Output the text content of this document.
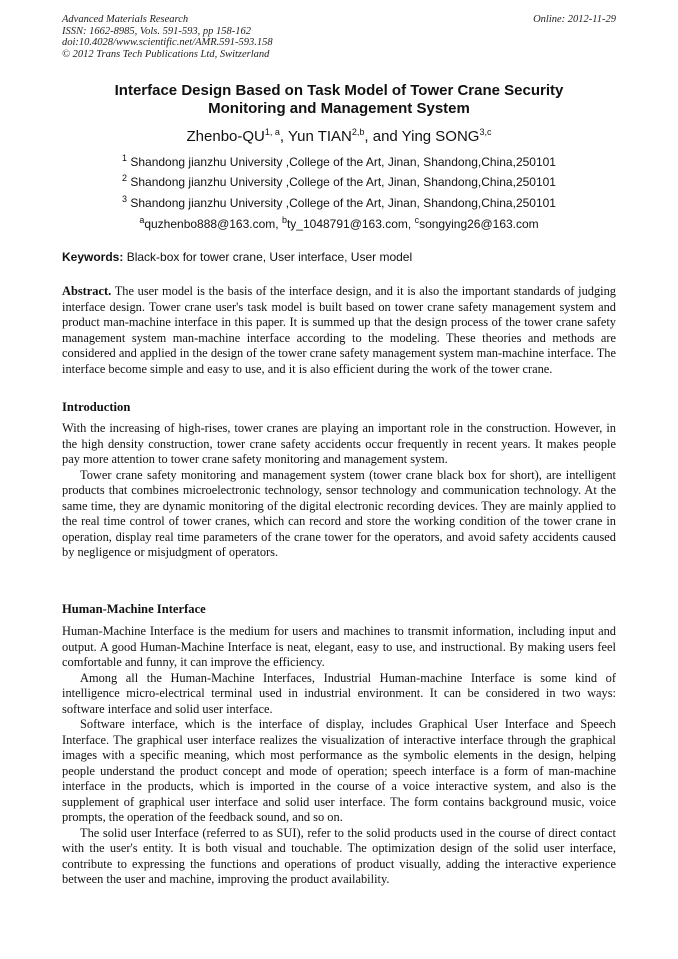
Advanced Materials Research
ISSN: 1662-8985, Vols. 591-593, pp 158-162
doi:10.4028/www.scientific.net/AMR.591-593.158
© 2012 Trans Tech Publications Ltd, Switzerland
Online: 2012-11-29
Interface Design Based on Task Model of Tower Crane Security
Monitoring and Management System
Zhenbo-QU$^{1, a}$, Yun TIAN$^{2,b}$, and Ying SONG$^{3,c}$
$^1$ Shandong jianzhu University ,College of the Art, Jinan, Shandong,China,250101
$^2$ Shandong jianzhu University ,College of the Art, Jinan, Shandong,China,250101
$^3$ Shandong jianzhu University ,College of the Art, Jinan, Shandong,China,250101
$^a$quzhenbo888@163.com, $^b$ty_1048791@163.com, $^c$songying26@163.com
Keywords: Black-box for tower crane, User interface, User model

Abstract. The user model is the basis of the interface design, and it is also the important standards of judging interface design. Tower crane user's task model is built based on tower crane safety management system and product man-machine interface in this paper. It is summed up that the design process of the tower crane safety management system man-machine interface according to the modeling. These theories and methods are considered and applied in the design of the tower crane safety management system man-machine interface. The interface become simple and easy to use, and it is also efficient during the work of the tower crane.

Introduction

With the increasing of high-rises, tower cranes are playing an important role in the construction. However, in the high density construction, tower crane safety accidents occur frequently in recent years. It makes people pay more attention to tower crane safety monitoring and management system.

Tower crane safety monitoring and management system (tower crane black box for short), are intelligent products that combines microelectronic technology, sensor technology and communication technology. At the same time, they are dynamic monitoring of the digital electronic recording devices. They are mainly applied to the real time control of tower cranes, which can record and store the working condition of the tower crane in operation, display real time parameters of the crane tower for the operators, and avoid safety accidents caused by negligence or misjudgment of operators.

Human-Machine Interface

Human-Machine Interface is the medium for users and machines to transmit information, including input and output. A good Human-Machine Interface is neat, elegant, easy to use, and instructional. By making users feel comfortable and funny, it can improve the efficiency.

Among all the Human-Machine Interfaces, Industrial Human-machine Interface is some kind of intelligence micro-electrical terminal used in industrial environment. It can be considered in two ways: software interface and solid user interface.

Software interface, which is the interface of display, includes Graphical User Interface and Speech Interface. The graphical user interface realizes the visualization of interactive interface through the graphical images with a specific meaning, which most performance as the symbolic elements in the design, helping people understand the product concept and mode of operation; speech interface is a form of man-machine interface in the products, which is imported in the course of a voice interactive system, and also is the supplement of graphical user interface and solid user interface. The form contains background music, voice prompts, the operation of the feedback sound, and so on.

The solid user Interface (referred to as SUI), refer to the solid products used in the course of direct contact with the user's entity. It is both visual and touchable. The optimization design of the solid user interface, contribute to expressing the functions and operations of product visually, adding the interactive experience between the user and machine, improving the product availability.
